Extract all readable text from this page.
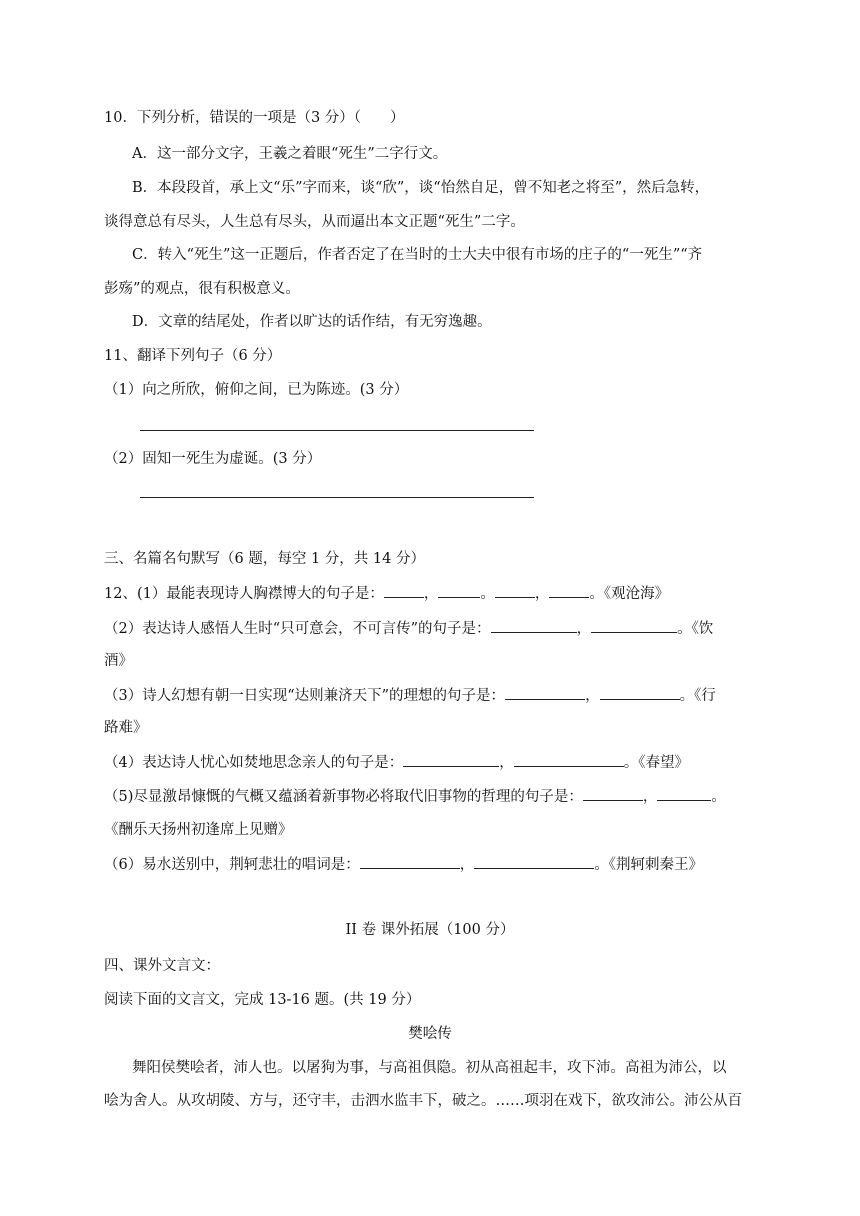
10．下列分析，错误的一项是（3 分）（　　）
A．这一部分文字，王羲之着眼“死生”二字行文。
B．本段段首，承上文“乐”字而来，谈“欣”，谈“怡然自足，曾不知老之将至”，然后急转，
谈得意总有尽头，人生总有尽头，从而逼出本文正题“死生”二字。
C．转入“死生”这一正题后，作者否定了在当时的士大夫中很有市场的庄子的“一死生”“齐
彭殇”的观点，很有积极意义。
D．文章的结尾处，作者以旷达的话作结，有无穷逸趣。
11、翻译下列句子（6 分）
（1）向之所欣，俯仰之间，已为陈迹。(3 分）
（2）固知一死生为虚诞。(3 分）
三、名篇名句默写（6 题，每空 1 分，共 14 分）
12、(1）最能表现诗人胸襟博大的句子是：	，	。	，	。《观沧海》
（2）表达诗人感悟人生时“只可意会，不可言传”的句子是：	，	。《饮
酒》
（3）诗人幻想有朝一日实现“达则兼济天下”的理想的句子是：	，	。《行
路难》
（4）表达诗人忧心如焚地思念亲人的句子是：	，	。《春望》
（5)尽显激昂慷慨的气概又蕴涵着新事物必将取代旧事物的哲理的句子是：	，	。
《酬乐天扬州初逢席上见赠》
（6）易水送别中，荆轲悲壮的唱词是：	，	。《荆轲刺秦王》
II 卷 课外拓展（100 分）
四、课外文言文：
阅读下面的文言文，完成 13-16 题。(共 19 分）
樊哙传
舞阳侯樊哙者，沛人也。以屠狗为事，与高祖俱隐。初从高祖起丰，攻下沛。高祖为沛公，以
哙为舍人。从攻胡陵、方与，还守丰，击泗水监丰下，破之。……项羽在戏下，欲攻沛公。沛公从百
